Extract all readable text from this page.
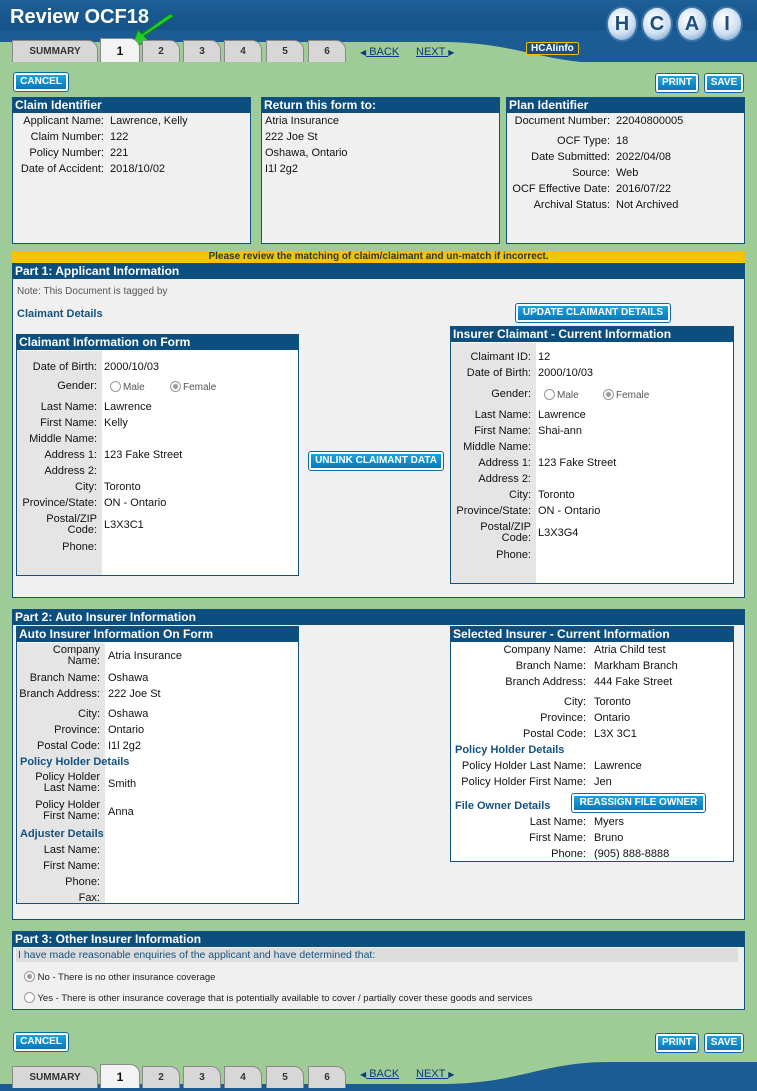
Review OCF18	H	C	A	I
SUMMARY	1	2	3	4	5	6	◀ BACK NEXT ▶	HCAIinfo
CANCEL	PRINT	SAVE
Claim Identifier
Applicant Name: Lawrence, Kelly
Claim Number: 122
Policy Number: 221
Date of Accident: 2018/10/02
Return this form to:
Atria Insurance
222 Joe St
Oshawa, Ontario
I1l 2g2
Plan Identifier
Document Number: 22040800005
OCF Type: 18
Date Submitted: 2022/04/08
Source: Web
OCF Effective Date: 2016/07/22
Archival Status: Not Archived
Please review the matching of claim/claimant and un-match if incorrect.
Part 1: Applicant Information
Note: This Document is tagged by
Claimant Details	UPDATE CLAIMANT DETAILS
UNLINK CLAIMANT DATA
Claimant Information on Form
Date of Birth: 2000/10/03
Gender:	Male	Female
Last Name: Lawrence
First Name: Kelly
Middle Name:
Address 1: 123 Fake Street
Address 2:
City: Toronto
Province/State: ON - Ontario
Postal/ZIP
Code: L3X3C1
Phone:
Insurer Claimant - Current Information
Claimant ID: 12
Date of Birth: 2000/10/03
Gender:	Male	Female
Last Name: Lawrence
First Name: Shai-ann
Middle Name:
Address 1: 123 Fake Street
Address 2:
City: Toronto
Province/State: ON - Ontario
Postal/ZIP
Code: L3X3G4
Phone:
Part 2: Auto Insurer Information
Auto Insurer Information On Form
Company
Name: Atria Insurance
Branch Name: Oshawa
Branch Address: 222 Joe St
City: Oshawa
Province: Ontario
Postal Code: I1l 2g2
Policy Holder Details
Policy Holder
Last Name: Smith
Policy Holder
First Name: Anna
Adjuster Details
Last Name:
First Name:
Phone:
Fax:
Selected Insurer - Current Information
Company Name: Atria Child test
Branch Name: Markham Branch
Branch Address: 444 Fake Street
City: Toronto
Province: Ontario
Postal Code: L3X 3C1
Policy Holder Details
Policy Holder Last Name: Lawrence
Policy Holder First Name: Jen
File Owner Details
Last Name: Myers
First Name: Bruno
Phone: (905) 888-8888
REASSIGN FILE OWNER
Part 3: Other Insurer Information
I have made reasonable enquiries of the applicant and have determined that:
No - There is no other insurance coverage
Yes - There is other insurance coverage that is potentially available to cover / partially cover these goods and services
CANCEL	PRINT	SAVE
SUMMARY	1	2	3	4	5	6	◀ BACK NEXT ▶
